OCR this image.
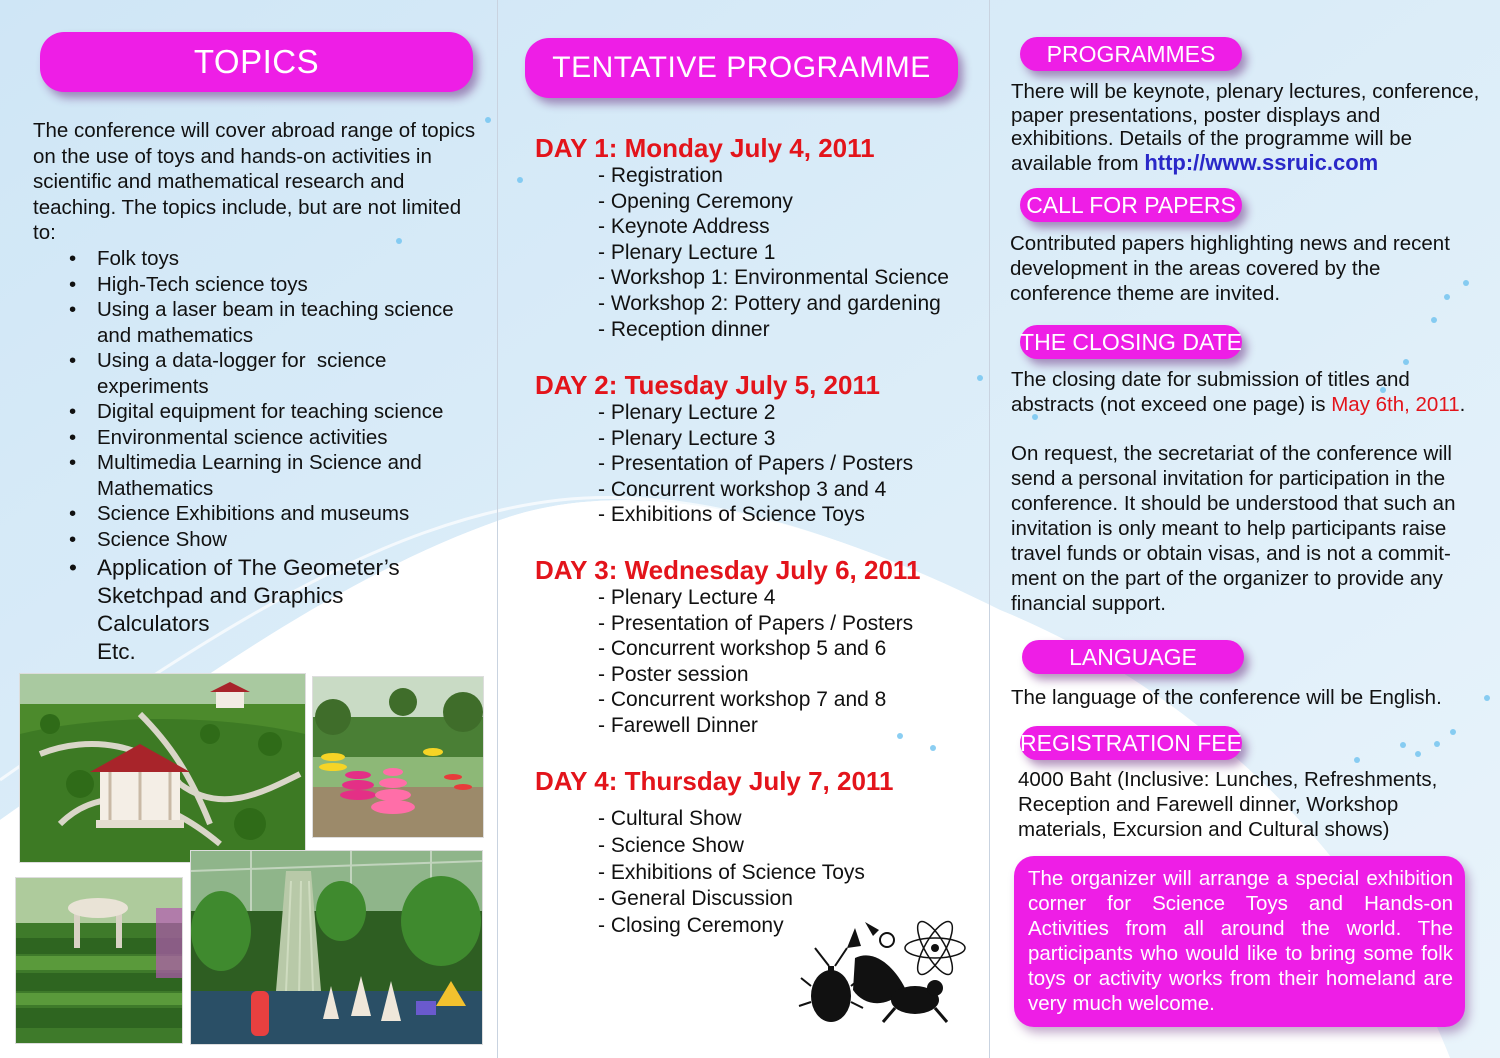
TOPICS

The conference will cover abroad range of topics on the use of toys and hands-on activities in scientific and mathematical research and teaching. The topics include, but are not limited to:

• Folk toys
• High-Tech science toys
• Using a laser beam in teaching science and mathematics
• Using a data-logger for  science experiments
• Digital equipment for teaching science
• Environmental science activities
• Multimedia Learning in Science and Mathematics
• Science Exhibitions and museums
• Science Show
• Application of The Geometer’s Sketchpad and Graphics Calculators
Etc.
TENTATIVE PROGRAMME
DAY 1: Monday July 4, 2011
- Registration
- Opening Ceremony
- Keynote Address
- Plenary Lecture 1
- Workshop 1: Environmental Science
- Workshop 2: Pottery and gardening
- Reception dinner
DAY 2: Tuesday July 5, 2011
- Plenary Lecture 2
- Plenary Lecture 3
- Presentation of Papers / Posters
- Concurrent workshop 3 and 4
- Exhibitions of Science Toys
DAY 3: Wednesday July 6, 2011
- Plenary Lecture 4
- Presentation of Papers / Posters
- Concurrent workshop 5 and 6
- Poster session
- Concurrent workshop 7 and 8
- Farewell Dinner
DAY 4: Thursday July 7, 2011
- Cultural Show
- Science Show
- Exhibitions of Science Toys
- General Discussion
- Closing Ceremony
PROGRAMMES

There will be keynote, plenary lectures, conference, paper presentations, poster displays and exhibitions. Details of the programme will be available from http://www.ssruic.com

CALL FOR PAPERS

Contributed papers highlighting news and recent development in the areas covered by the conference theme are invited.

THE CLOSING DATE

The closing date for submission of titles and abstracts (not exceed one page) is May 6th, 2011.

On request, the secretariat of the conference will send a personal invitation for participation in the conference. It should be understood that such an invitation is only meant to help participants raise travel funds or obtain visas, and is not a commit-ment on the part of the organizer to provide any financial support.

LANGUAGE

The language of the conference will be English.

REGISTRATION FEE

4000 Baht (Inclusive: Lunches, Refreshments, Reception and Farewell dinner, Workshop materials, Excursion and Cultural shows)

The organizer will arrange a special exhibition corner for Science Toys and Hands-on Activities from all around the world. The participants who would like to bring some folk toys or activity works from their homeland are very much welcome.
